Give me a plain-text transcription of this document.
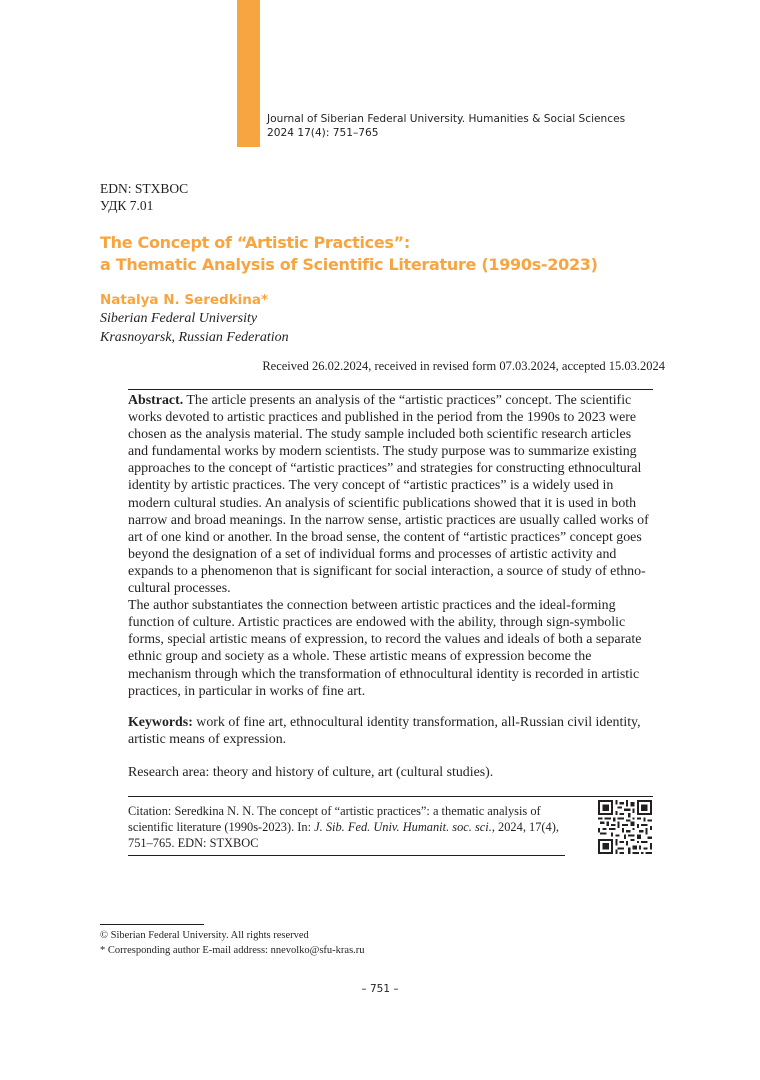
Journal of Siberian Federal University. Humanities & Social Sciences
2024 17(4): 751–765
EDN: STXBOC
УДК 7.01
The Concept of “Artistic Practices”:
a Thematic Analysis of Scientific Literature (1990s-2023)
Natalya N. Seredkina*
Siberian Federal University
Krasnoyarsk, Russian Federation
Received 26.02.2024, received in revised form 07.03.2024, accepted 15.03.2024

Abstract. The article presents an analysis of the “artistic practices” concept. The scientific works devoted to artistic practices and published in the period from the 1990s to 2023 were chosen as the analysis material. The study sample included both scientific research articles and fundamental works by modern scientists. The study purpose was to summarize existing approaches to the concept of “artistic practices” and strategies for constructing ethnocultural identity by artistic practices. The very concept of “artistic practices” is a widely used in modern cultural studies. An analysis of scientific publications showed that it is used in both narrow and broad meanings. In the narrow sense, artistic practices are usually called works of art of one kind or another. In the broad sense, the content of “artistic practices” concept goes beyond the designation of a set of individual forms and processes of artistic activity and expands to a phenomenon that is significant for social interaction, a source of study of ethno-cultural processes.

The author substantiates the connection between artistic practices and the ideal-forming function of culture. Artistic practices are endowed with the ability, through sign-symbolic forms, special artistic means of expression, to record the values and ideals of both a separate ethnic group and society as a whole. These artistic means of expression become the mechanism through which the transformation of ethnocultural identity is recorded in artistic practices, in particular in works of fine art.

Keywords: work of fine art, ethnocultural identity transformation, all-Russian civil identity, artistic means of expression.
Research area: theory and history of culture, art (cultural studies).
Citation: Seredkina N. N. The concept of “artistic practices”: a thematic analysis of scientific literature (1990s-2023). In: J. Sib. Fed. Univ. Humanit. soc. sci., 2024, 17(4), 751–765. EDN: STXBOC
© Siberian Federal University. All rights reserved
* Corresponding author E-mail address: nnevolko@sfu-kras.ru
– 751 –
